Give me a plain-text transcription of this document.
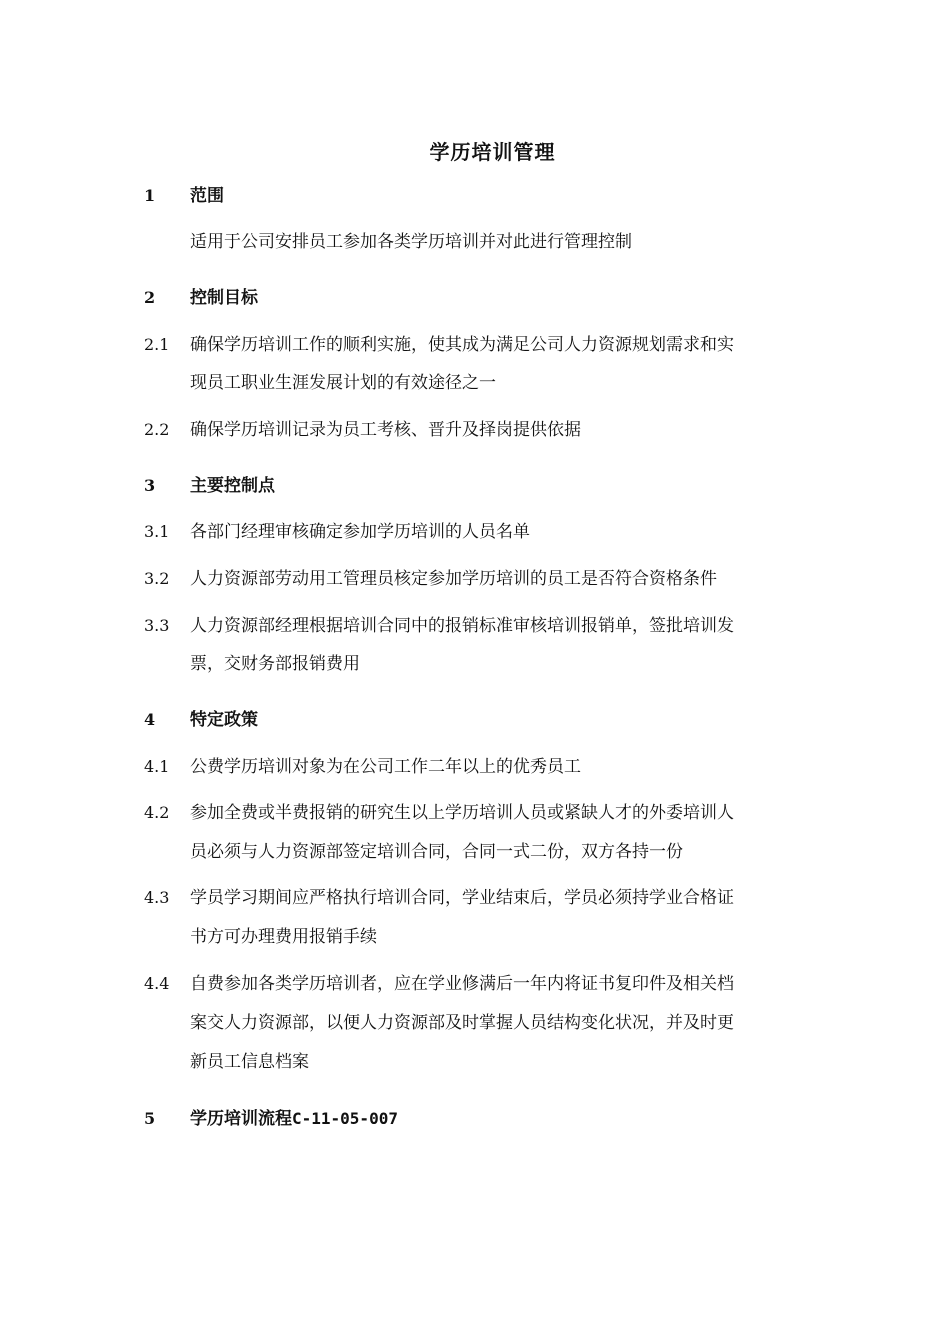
学历培训管理
1 范围
适用于公司安排员工参加各类学历培训并对此进行管理控制
2 控制目标
2.1 确保学历培训工作的顺利实施，使其成为满足公司人力资源规划需求和实
现员工职业生涯发展计划的有效途径之一
2.2 确保学历培训记录为员工考核、晋升及择岗提供依据
3 主要控制点
3.1 各部门经理审核确定参加学历培训的人员名单
3.2 人力资源部劳动用工管理员核定参加学历培训的员工是否符合资格条件
3.3 人力资源部经理根据培训合同中的报销标准审核培训报销单，签批培训发
票，交财务部报销费用
4 特定政策
4.1 公费学历培训对象为在公司工作二年以上的优秀员工
4.2 参加全费或半费报销的研究生以上学历培训人员或紧缺人才的外委培训人
员必须与人力资源部签定培训合同，合同一式二份，双方各持一份
4.3 学员学习期间应严格执行培训合同，学业结束后，学员必须持学业合格证
书方可办理费用报销手续
4.4 自费参加各类学历培训者，应在学业修满后一年内将证书复印件及相关档
案交人力资源部，以便人力资源部及时掌握人员结构变化状况，并及时更
新员工信息档案
5 学历培训流程C-11-05-007
